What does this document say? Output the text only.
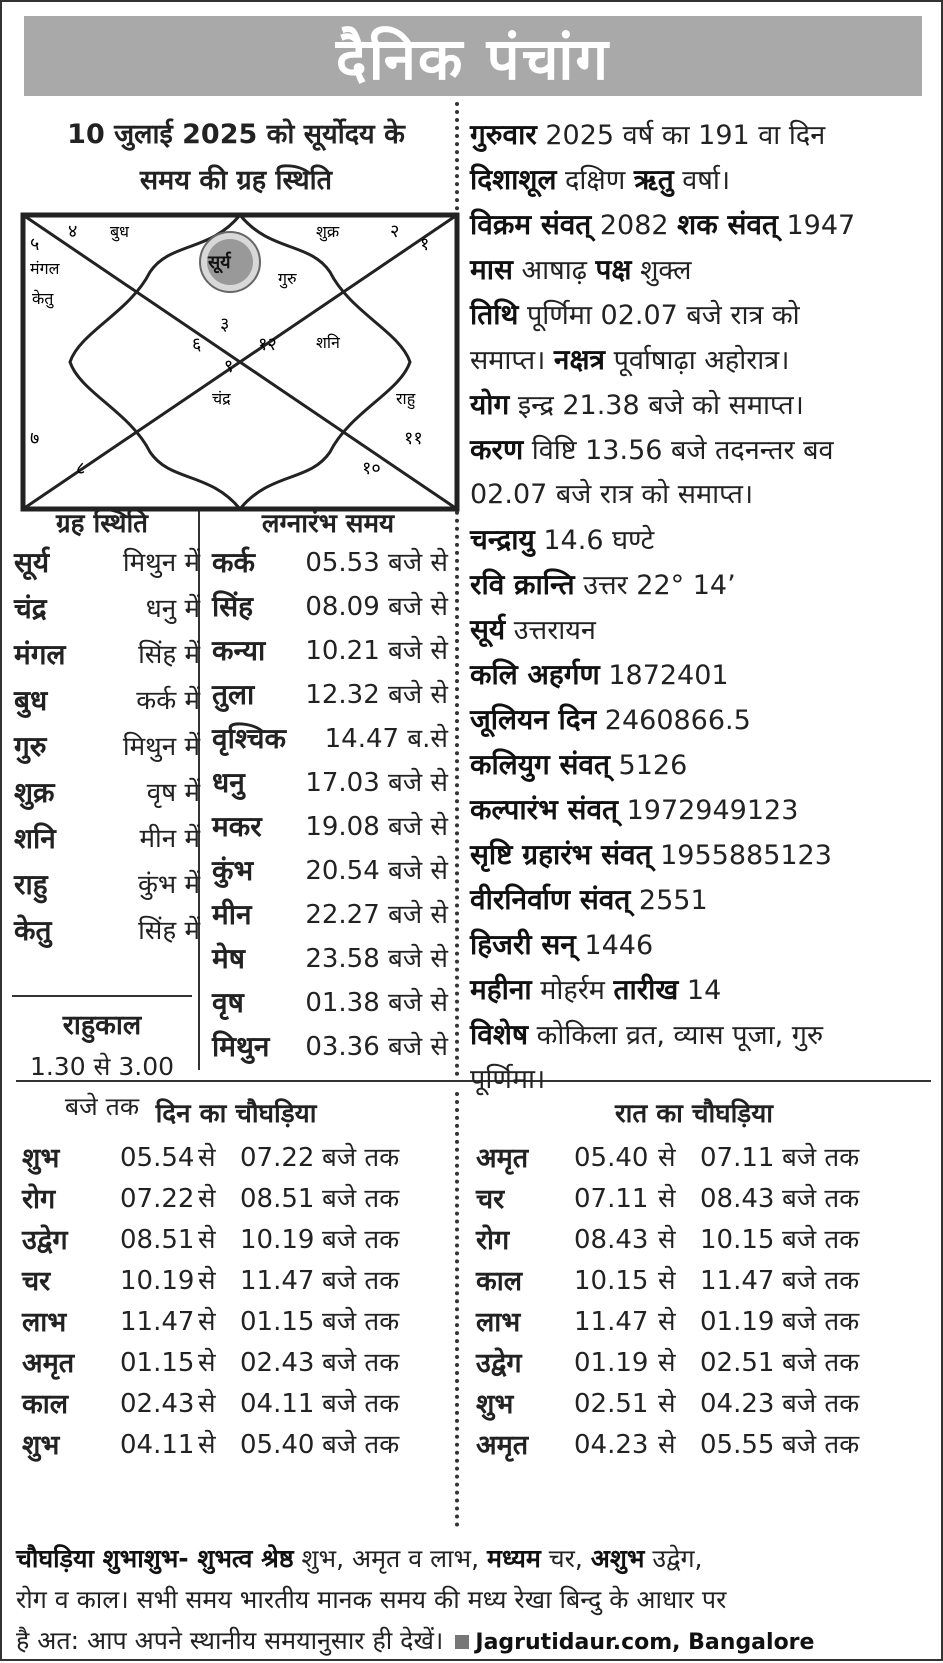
दैनिक पंचांग
10 जुलाई 2025 को सूर्योदय के
समय की ग्रह स्थिति
४	२
१
५
३
६	१२
९
७	११
८	१०
बुध	शुक्र
मंगल
केतु
सूर्य
गुरु
शनि
चंद्र	राहु
गुरुवार 2025 वर्ष का 191 वा दिन
दिशाशूल दक्षिण ऋतु वर्षा।
विक्रम संवत् 2082 शक संवत् 1947
मास आषाढ़ पक्ष शुक्ल
तिथि पूर्णिमा 02.07 बजे रात्र को
समाप्त। नक्षत्र पूर्वाषाढ़ा अहोरात्र।
योग इन्द्र 21.38 बजे को समाप्त।
करण विष्टि 13.56 बजे तदनन्तर बव
02.07 बजे रात्र को समाप्त।
चन्द्रायु 14.6 घण्टे
रवि क्रान्ति उत्तर 22° 14’
सूर्य उत्तरायन
कलि अहर्गण 1872401
जूलियन दिन 2460866.5
कलियुग संवत् 5126
कल्पारंभ संवत् 1972949123
सृष्टि ग्रहारंभ संवत् 1955885123
वीरनिर्वाण संवत् 2551
हिजरी सन् 1446
महीना मोहर्रम तारीख 14
विशेष कोकिला व्रत, व्यास पूजा, गुरु
पूर्णिमा।
ग्रह स्थिति
सूर्य	मिथुन में
चंद्र	धनु में
मंगल	सिंह में
बुध	कर्क में
गुरु	मिथुन में
शुक्र	वृष में
शनि	मीन में
राहु	कुंभ में
केतु	सिंह में
राहुकाल
1.30 से 3.00
बजे तक
लग्नारंभ समय
कर्क 05.53 बजे से
सिंह 08.09 बजे से
कन्या 10.21 बजे से
तुला 12.32 बजे से
वृश्चिक 14.47 ब.से
धनु 17.03 बजे से
मकर 19.08 बजे से
कुंभ 20.54 बजे से
मीन 22.27 बजे से
मेष 23.58 बजे से
वृष 01.38 बजे से
मिथुन 03.36 बजे से
दिन का चौघड़िया	रात का चौघड़िया
शुभ 05.54 से 07.22 बजे तक
रोग 07.22 से 08.51 बजे तक
उद्वेग 08.51 से 10.19 बजे तक
चर	10.19 से 11.47 बजे तक
लाभ 11.47 से 01.15 बजे तक
अमृत 01.15 से 02.43 बजे तक
काल 02.43 से 04.11 बजे तक
शुभ 04.11 से 05.40 बजे तक
अमृत 05.40 से 07.11 बजे तक
चर	07.11 से 08.43 बजे तक
रोग 08.43 से 10.15 बजे तक
काल 10.15 से 11.47 बजे तक
लाभ 11.47 से 01.19 बजे तक
उद्वेग 01.19 से 02.51 बजे तक
शुभ 02.51 से 04.23 बजे तक
अमृत 04.23 से 05.55 बजे तक
चौघड़िया शुभाशुभ- शुभत्व श्रेष्ठ शुभ, अमृत व लाभ, मध्यम चर, अशुभ उद्वेग,
रोग व काल। सभी समय भारतीय मानक समय की मध्य रेखा बिन्दु के आधार पर
है अत: आप अपने स्थानीय समयानुसार ही देखें। Jagrutidaur.com, Bangalore
